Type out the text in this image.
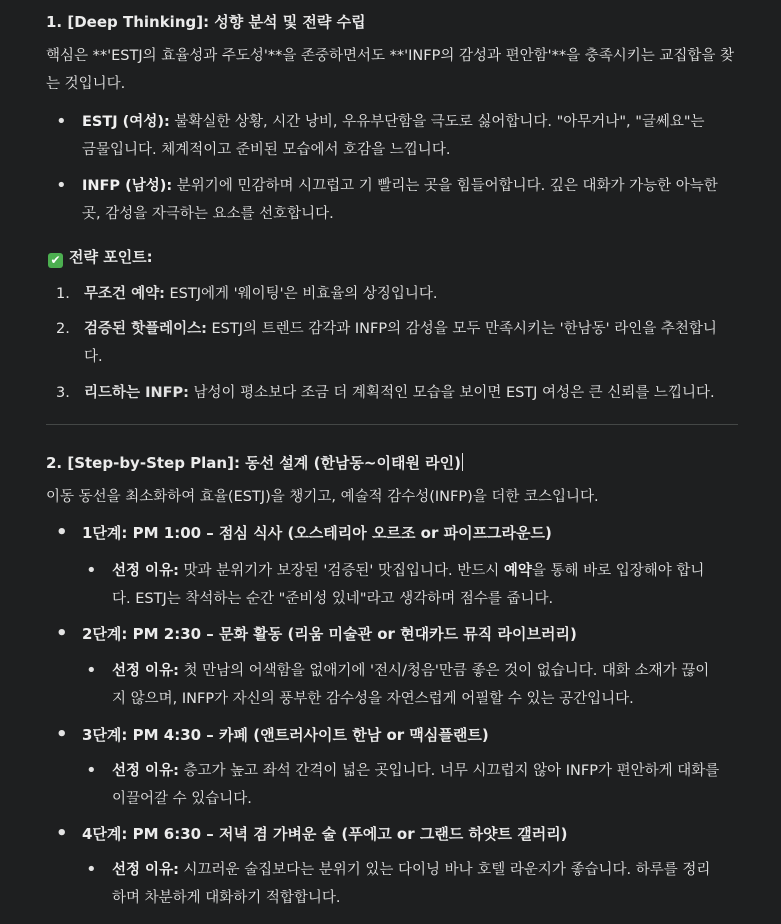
1. [Deep Thinking]: 성향 분석 및 전략 수립

핵심은 **'ESTJ의 효율성과 주도성'**을 존중하면서도 **'INFP의 감성과 편안함'**을 충족시키는 교집합을 찾는 것입니다.

• ESTJ (여성): 불확실한 상황, 시간 낭비, 우유부단함을 극도로 싫어합니다. "아무거나", "글쎄요"는
금물입니다. 체계적이고 준비된 모습에서 호감을 느낍니다.
• INFP (남성): 분위기에 민감하며 시끄럽고 기 빨리는 곳을 힘들어합니다. 깊은 대화가 가능한 아늑한
곳, 감성을 자극하는 요소를 선호합니다.
✔ 전략 포인트:
1. 무조건 예약: ESTJ에게 '웨이팅'은 비효율의 상징입니다.
2. 검증된 핫플레이스: ESTJ의 트렌드 감각과 INFP의 감성을 모두 만족시키는 '한남동' 라인을 추천합니
다.
3. 리드하는 INFP: 남성이 평소보다 조금 더 계획적인 모습을 보이면 ESTJ 여성은 큰 신뢰를 느낍니다.
2. [Step-by-Step Plan]: 동선 설계 (한남동~이태원 라인)

이동 동선을 최소화하여 효율(ESTJ)을 챙기고, 예술적 감수성(INFP)을 더한 코스입니다.

• 1단계: PM 1:00 – 점심 식사 (오스테리아 오르조 or 파이프그라운드)
• 선정 이유: 맛과 분위기가 보장된 '검증된' 맛집입니다. 반드시 예약을 통해 바로 입장해야 합니
다. ESTJ는 착석하는 순간 "준비성 있네"라고 생각하며 점수를 줍니다.
• 2단계: PM 2:30 – 문화 활동 (리움 미술관 or 현대카드 뮤직 라이브러리)
• 선정 이유: 첫 만남의 어색함을 없애기에 '전시/청음'만큼 좋은 것이 없습니다. 대화 소재가 끊이
지 않으며, INFP가 자신의 풍부한 감수성을 자연스럽게 어필할 수 있는 공간입니다.
• 3단계: PM 4:30 – 카페 (앤트러사이트 한남 or 맥심플랜트)
• 선정 이유: 층고가 높고 좌석 간격이 넓은 곳입니다. 너무 시끄럽지 않아 INFP가 편안하게 대화를
이끌어갈 수 있습니다.
• 4단계: PM 6:30 – 저녁 겸 가벼운 술 (푸에고 or 그랜드 하얏트 갤러리)
• 선정 이유: 시끄러운 술집보다는 분위기 있는 다이닝 바나 호텔 라운지가 좋습니다. 하루를 정리
하며 차분하게 대화하기 적합합니다.
